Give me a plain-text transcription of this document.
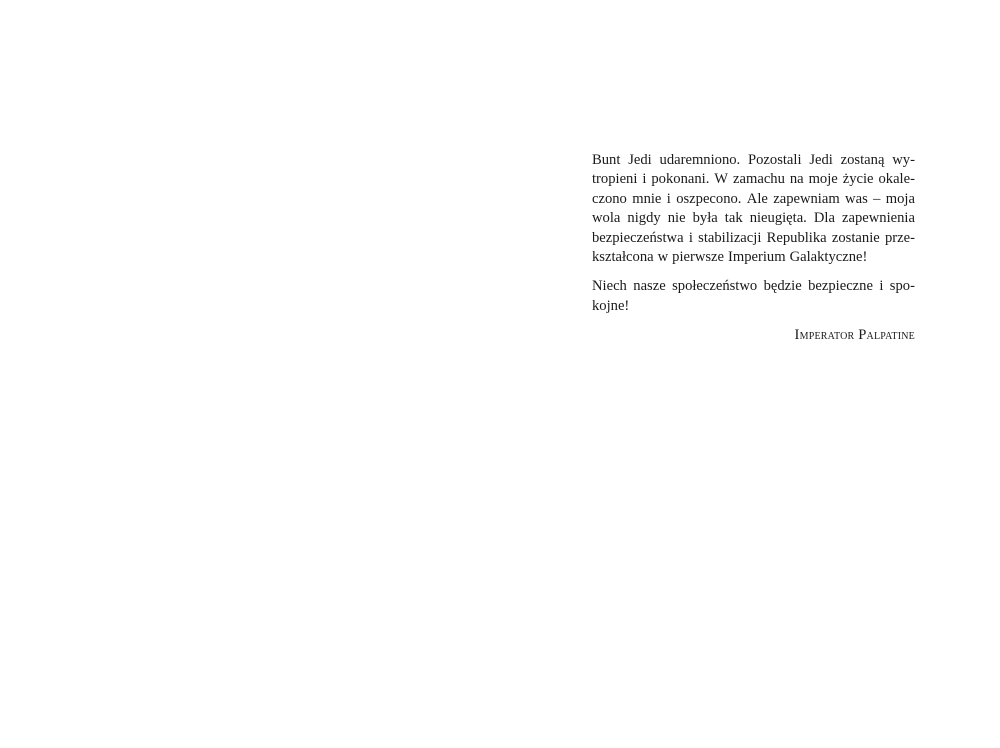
Bunt Jedi udaremniono. Pozostali Jedi zostaną wy-
tropieni i pokonani. W zamachu na moje życie okale-
czono mnie i oszpecono. Ale zapewniam was – moja
wola nigdy nie była tak nieugięta. Dla zapewnienia
bezpieczeństwa i stabilizacji Republika zostanie prze-
kształcona w pierwsze Imperium Galaktyczne!
Niech nasze społeczeństwo będzie bezpieczne i spo-
kojne!
Imperator Palpatine
